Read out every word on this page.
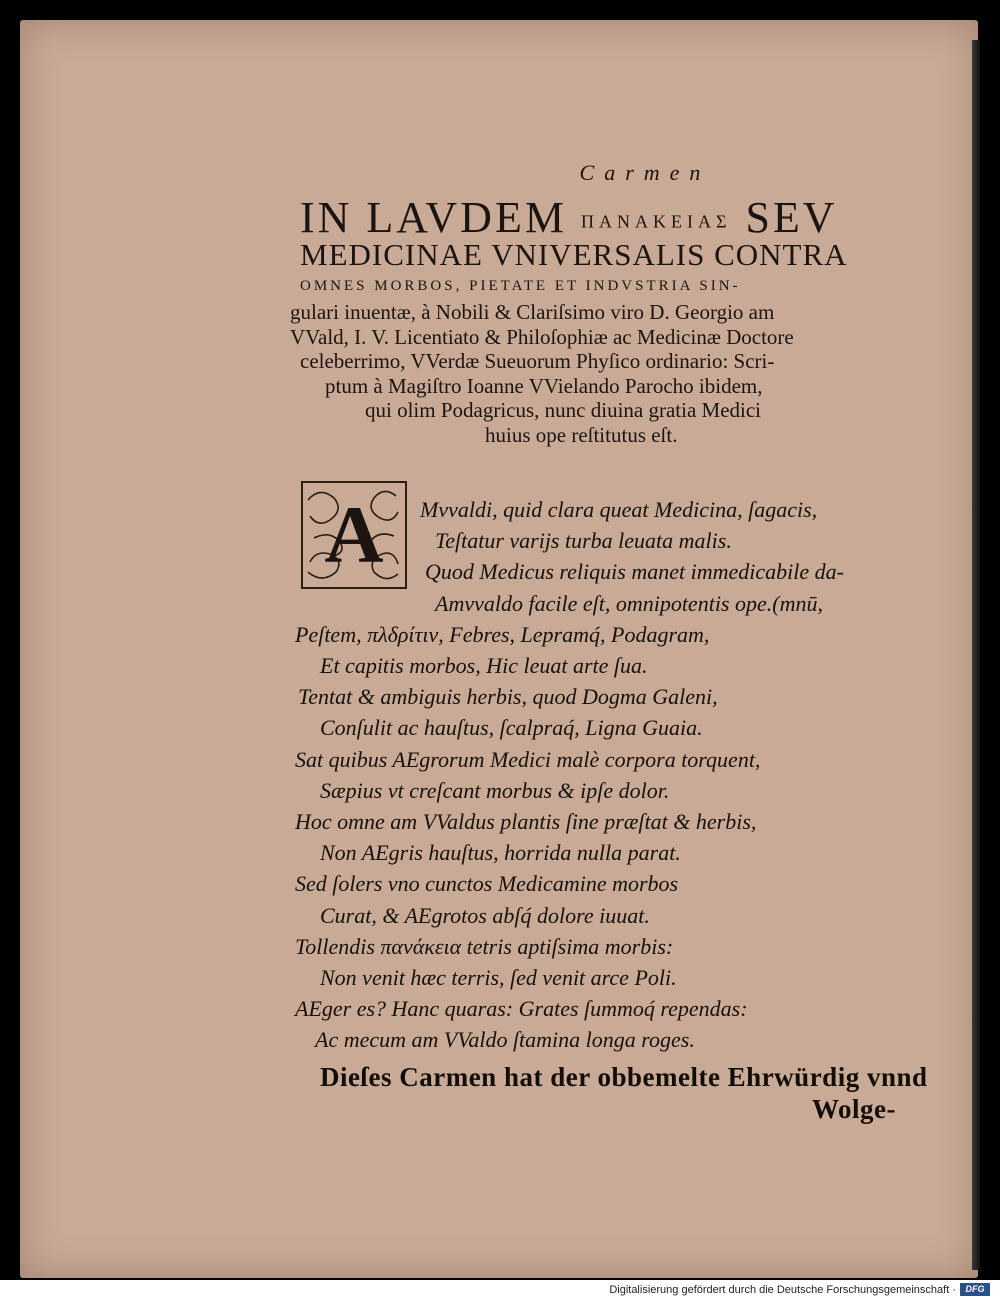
Carmen
IN LAVDEM ΠΑΝΑΚΕΙΑΣ SEV
MEDICINAE VNIVERSALIS CONTRA
OMNES MORBOS, PIETATE ET INDVSTRIA SIN-
gulari inuentæ, à Nobili & Clariſsimo viro D. Georgio am
VVald, I. V. Licentiato & Philoſophiæ ac Medicinæ Doctore
celeberrimo, VVerdæ Sueuorum Phyſico ordinario: Scri-
ptum à Magiſtro Ioanne VVielando Parocho ibidem,
qui olim Podagricus, nunc diuina gratia Medici
huius ope reſtitutus eſt.
A Mvvaldi, quid clara queat Medicina, ſagacis,
Teſtatur varijs turba leuata malis.
Quod Medicus reliquis manet immedicabile da-
Amvvaldo facile eſt, omnipotentis ope.(mnū,
Peſtem, πλδρίτιν, Febres, Lepramq́, Podagram,
Et capitis morbos, Hic leuat arte ſua.
Tentat & ambiguis herbis, quod Dogma Galeni,
Conſulit ac hauſtus, ſcalpraq́, Ligna Guaia.
Sat quibus AEgrorum Medici malè corpora torquent,
Sæpius vt creſcant morbus & ipſe dolor.
Hoc omne am VValdus plantis ſine præſtat & herbis,
Non AEgris hauſtus, horrida nulla parat.
Sed ſolers vno cunctos Medicamine morbos
Curat, & AEgrotos abſq́ dolore iuuat.
Tollendis πανάκεια tetris aptiſsima morbis:
Non venit hæc terris, ſed venit arce Poli.
AEger es? Hanc quaras: Grates ſummoq́ rependas:
Ac mecum am VValdo ſtamina longa roges.
Dieſes Carmen hat der obbemelte Ehrwürdig vnnd
Wolge-
Digitalisierung gefördert durch die Deutsche Forschungsgemeinschaft ·	DFG
